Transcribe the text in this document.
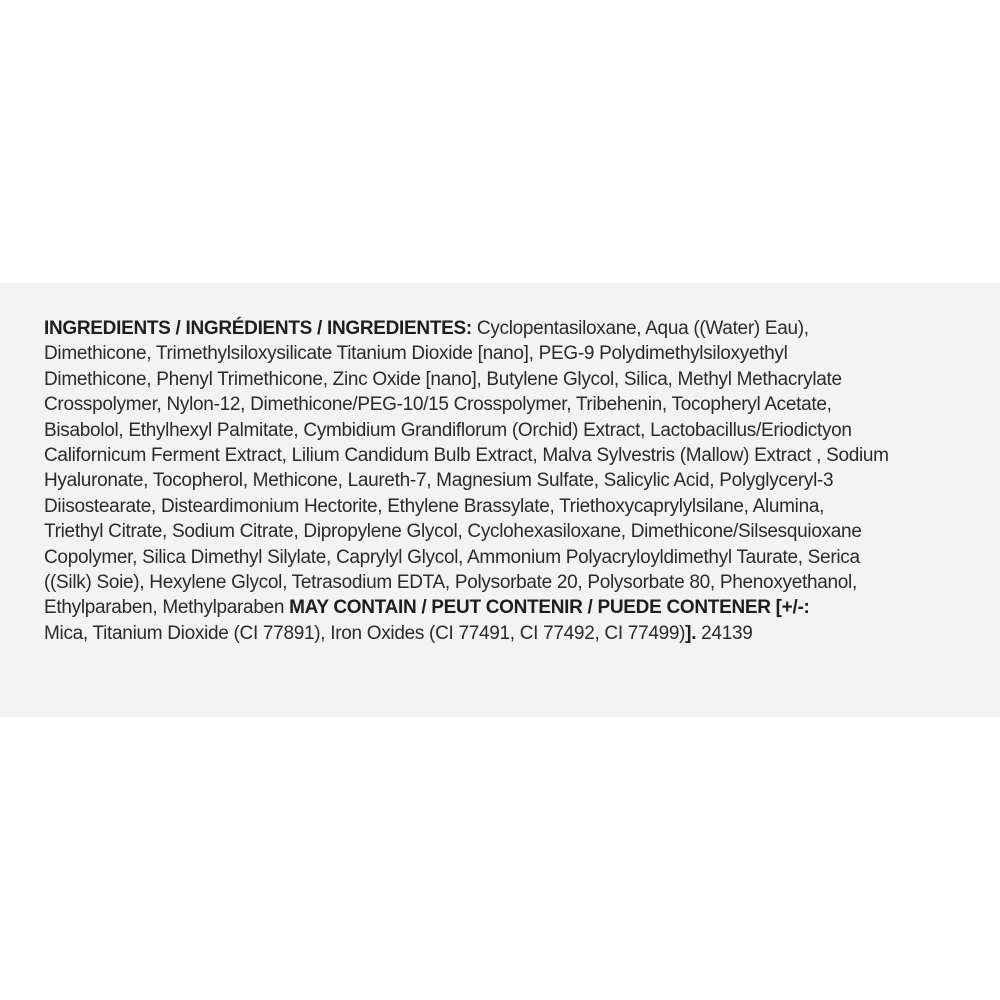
INGREDIENTS / INGRÉDIENTS / INGREDIENTES: Cyclopentasiloxane, Aqua ((Water) Eau),
Dimethicone, Trimethylsiloxysilicate Titanium Dioxide [nano], PEG-9 Polydimethylsiloxyethyl
Dimethicone, Phenyl Trimethicone, Zinc Oxide [nano], Butylene Glycol, Silica, Methyl Methacrylate
Crosspolymer, Nylon-12, Dimethicone/PEG-10/15 Crosspolymer, Tribehenin, Tocopheryl Acetate,
Bisabolol, Ethylhexyl Palmitate, Cymbidium Grandiflorum (Orchid) Extract, Lactobacillus/Eriodictyon
Californicum Ferment Extract, Lilium Candidum Bulb Extract, Malva Sylvestris (Mallow) Extract , Sodium
Hyaluronate, Tocopherol, Methicone, Laureth-7, Magnesium Sulfate, Salicylic Acid, Polyglyceryl-3
Diisostearate, Disteardimonium Hectorite, Ethylene Brassylate, Triethoxycaprylylsilane, Alumina,
Triethyl Citrate, Sodium Citrate, Dipropylene Glycol, Cyclohexasiloxane, Dimethicone/Silsesquioxane
Copolymer, Silica Dimethyl Silylate, Caprylyl Glycol, Ammonium Polyacryloyldimethyl Taurate, Serica
((Silk) Soie), Hexylene Glycol, Tetrasodium EDTA, Polysorbate 20, Polysorbate 80, Phenoxyethanol,
Ethylparaben, Methylparaben MAY CONTAIN / PEUT CONTENIR / PUEDE CONTENER [+/-:
Mica, Titanium Dioxide (CI 77891), Iron Oxides (CI 77491, CI 77492, CI 77499)]. 24139
